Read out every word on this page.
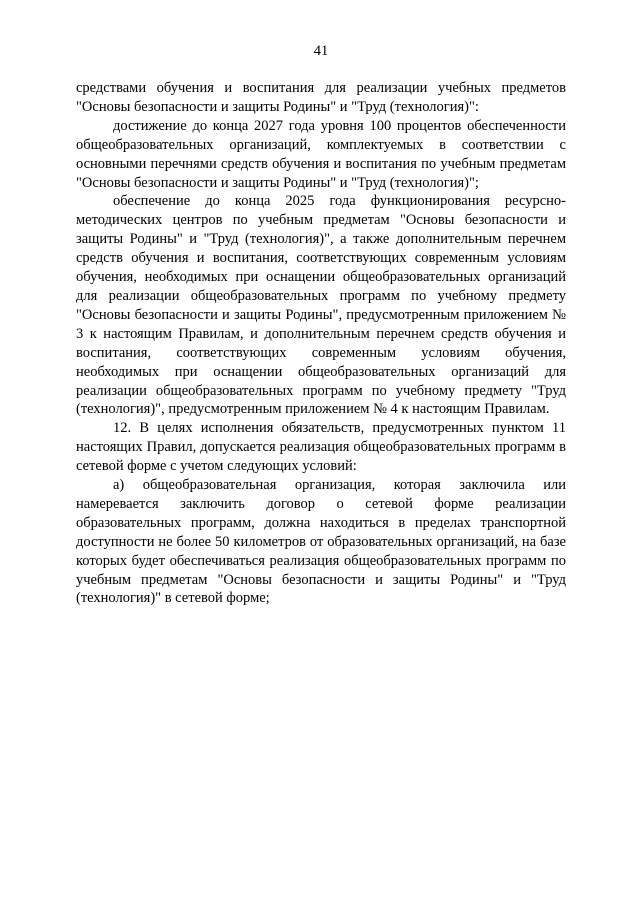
41

средствами обучения и воспитания для реализации учебных предметов "Основы безопасности и защиты Родины" и "Труд (технология)":

достижение до конца 2027 года уровня 100 процентов обеспеченности общеобразовательных организаций, комплектуемых в соответствии с основными перечнями средств обучения и воспитания по учебным предметам "Основы безопасности и защиты Родины" и "Труд (технология)";

обеспечение до конца 2025 года функционирования ресурсно-методических центров по учебным предметам "Основы безопасности и защиты Родины" и "Труд (технология)", а также дополнительным перечнем средств обучения и воспитания, соответствующих современным условиям обучения, необходимых при оснащении общеобразовательных организаций для реализации общеобразовательных программ по учебному предмету "Основы безопасности и защиты Родины", предусмотренным приложением № 3 к настоящим Правилам, и дополнительным перечнем средств обучения и воспитания, соответствующих современным условиям обучения, необходимых при оснащении общеобразовательных организаций для реализации общеобразовательных программ по учебному предмету "Труд (технология)", предусмотренным приложением № 4 к настоящим Правилам.

12. В целях исполнения обязательств, предусмотренных пунктом 11 настоящих Правил, допускается реализация общеобразовательных программ в сетевой форме с учетом следующих условий:

а) общеобразовательная организация, которая заключила или намеревается заключить договор о сетевой форме реализации образовательных программ, должна находиться в пределах транспортной доступности не более 50 километров от образовательных организаций, на базе которых будет обеспечиваться реализация общеобразовательных программ по учебным предметам "Основы безопасности и защиты Родины" и "Труд (технология)" в сетевой форме;
